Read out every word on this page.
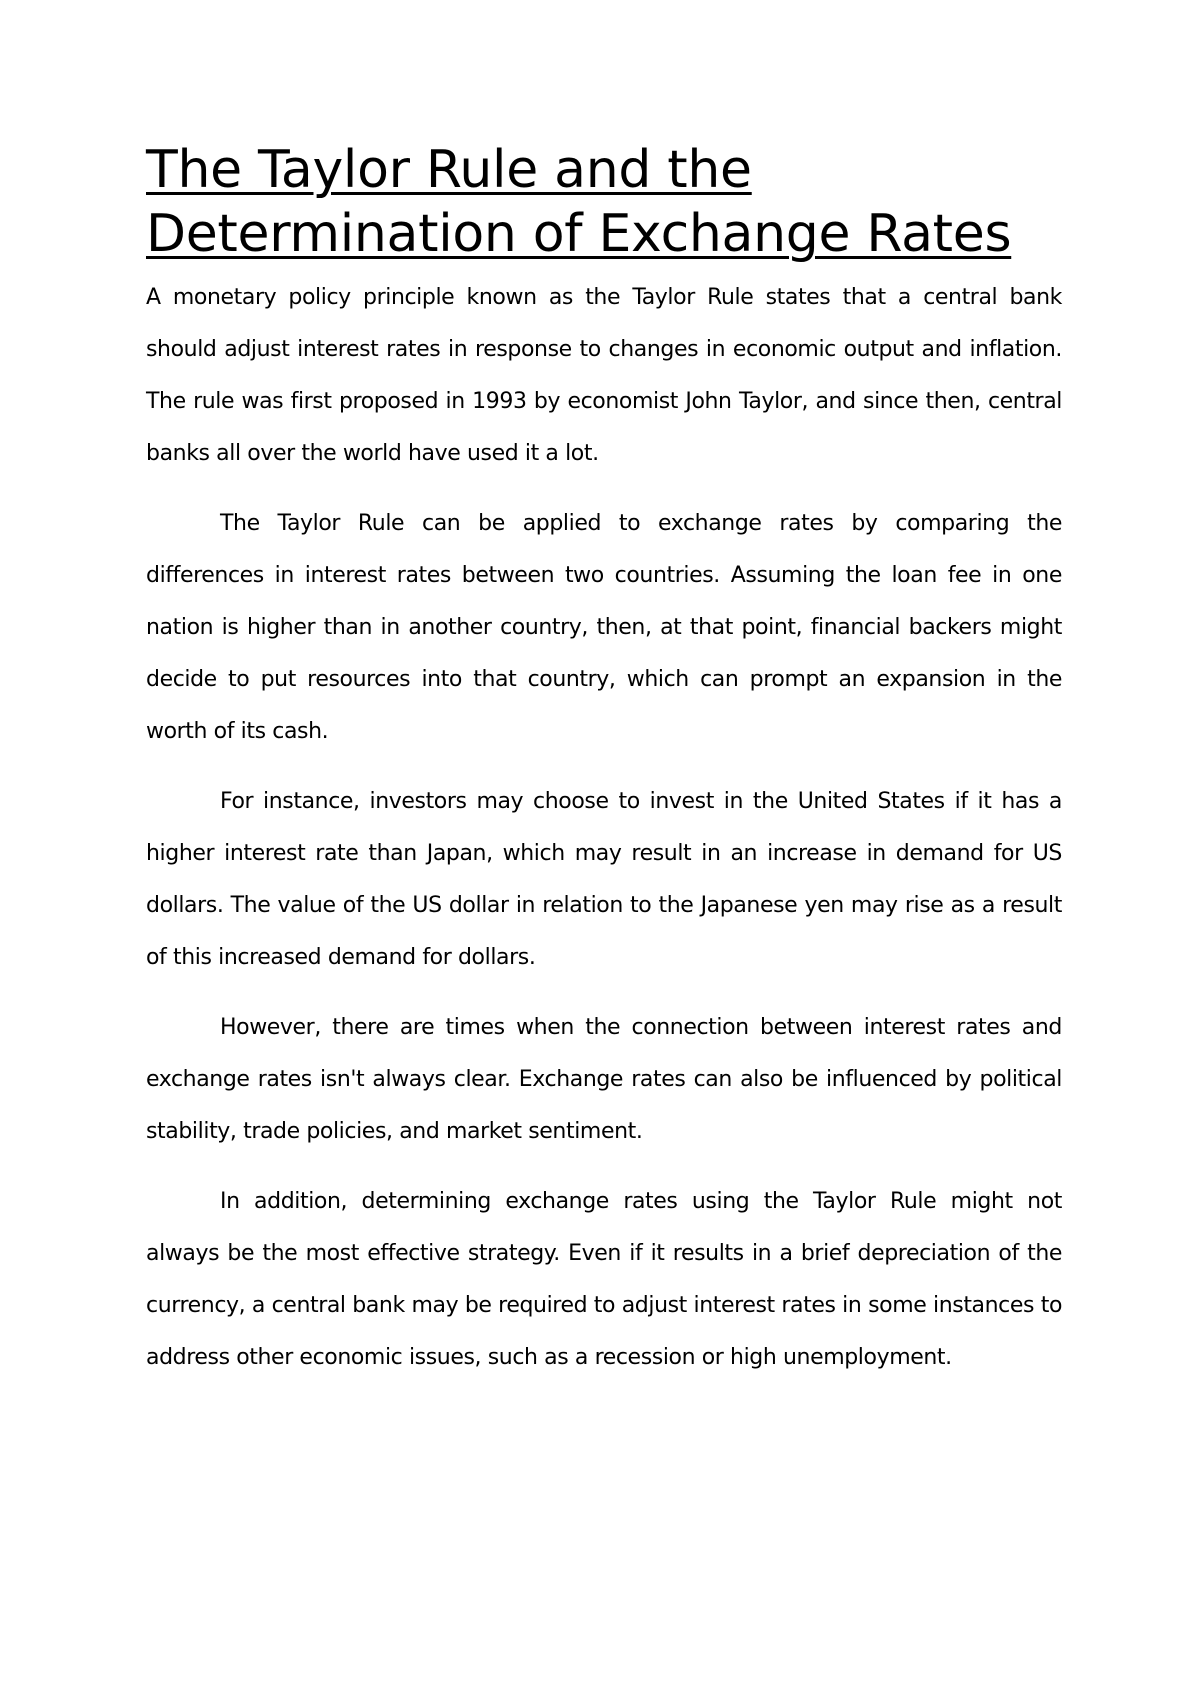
The Taylor Rule and the Determination of Exchange Rates

A monetary policy principle known as the Taylor Rule states that a central bank should adjust interest rates in response to changes in economic output and inflation. The rule was first proposed in 1993 by economist John Taylor, and since then, central banks all over the world have used it a lot.

The Taylor Rule can be applied to exchange rates by comparing the differences in interest rates between two countries. Assuming the loan fee in one nation is higher than in another country, then, at that point, financial backers might decide to put resources into that country, which can prompt an expansion in the worth of its cash.

For instance, investors may choose to invest in the United States if it has a higher interest rate than Japan, which may result in an increase in demand for US dollars. The value of the US dollar in relation to the Japanese yen may rise as a result of this increased demand for dollars.

However, there are times when the connection between interest rates and exchange rates isn't always clear. Exchange rates can also be influenced by political stability, trade policies, and market sentiment.

In addition, determining exchange rates using the Taylor Rule might not always be the most effective strategy. Even if it results in a brief depreciation of the currency, a central bank may be required to adjust interest rates in some instances to address other economic issues, such as a recession or high unemployment.
